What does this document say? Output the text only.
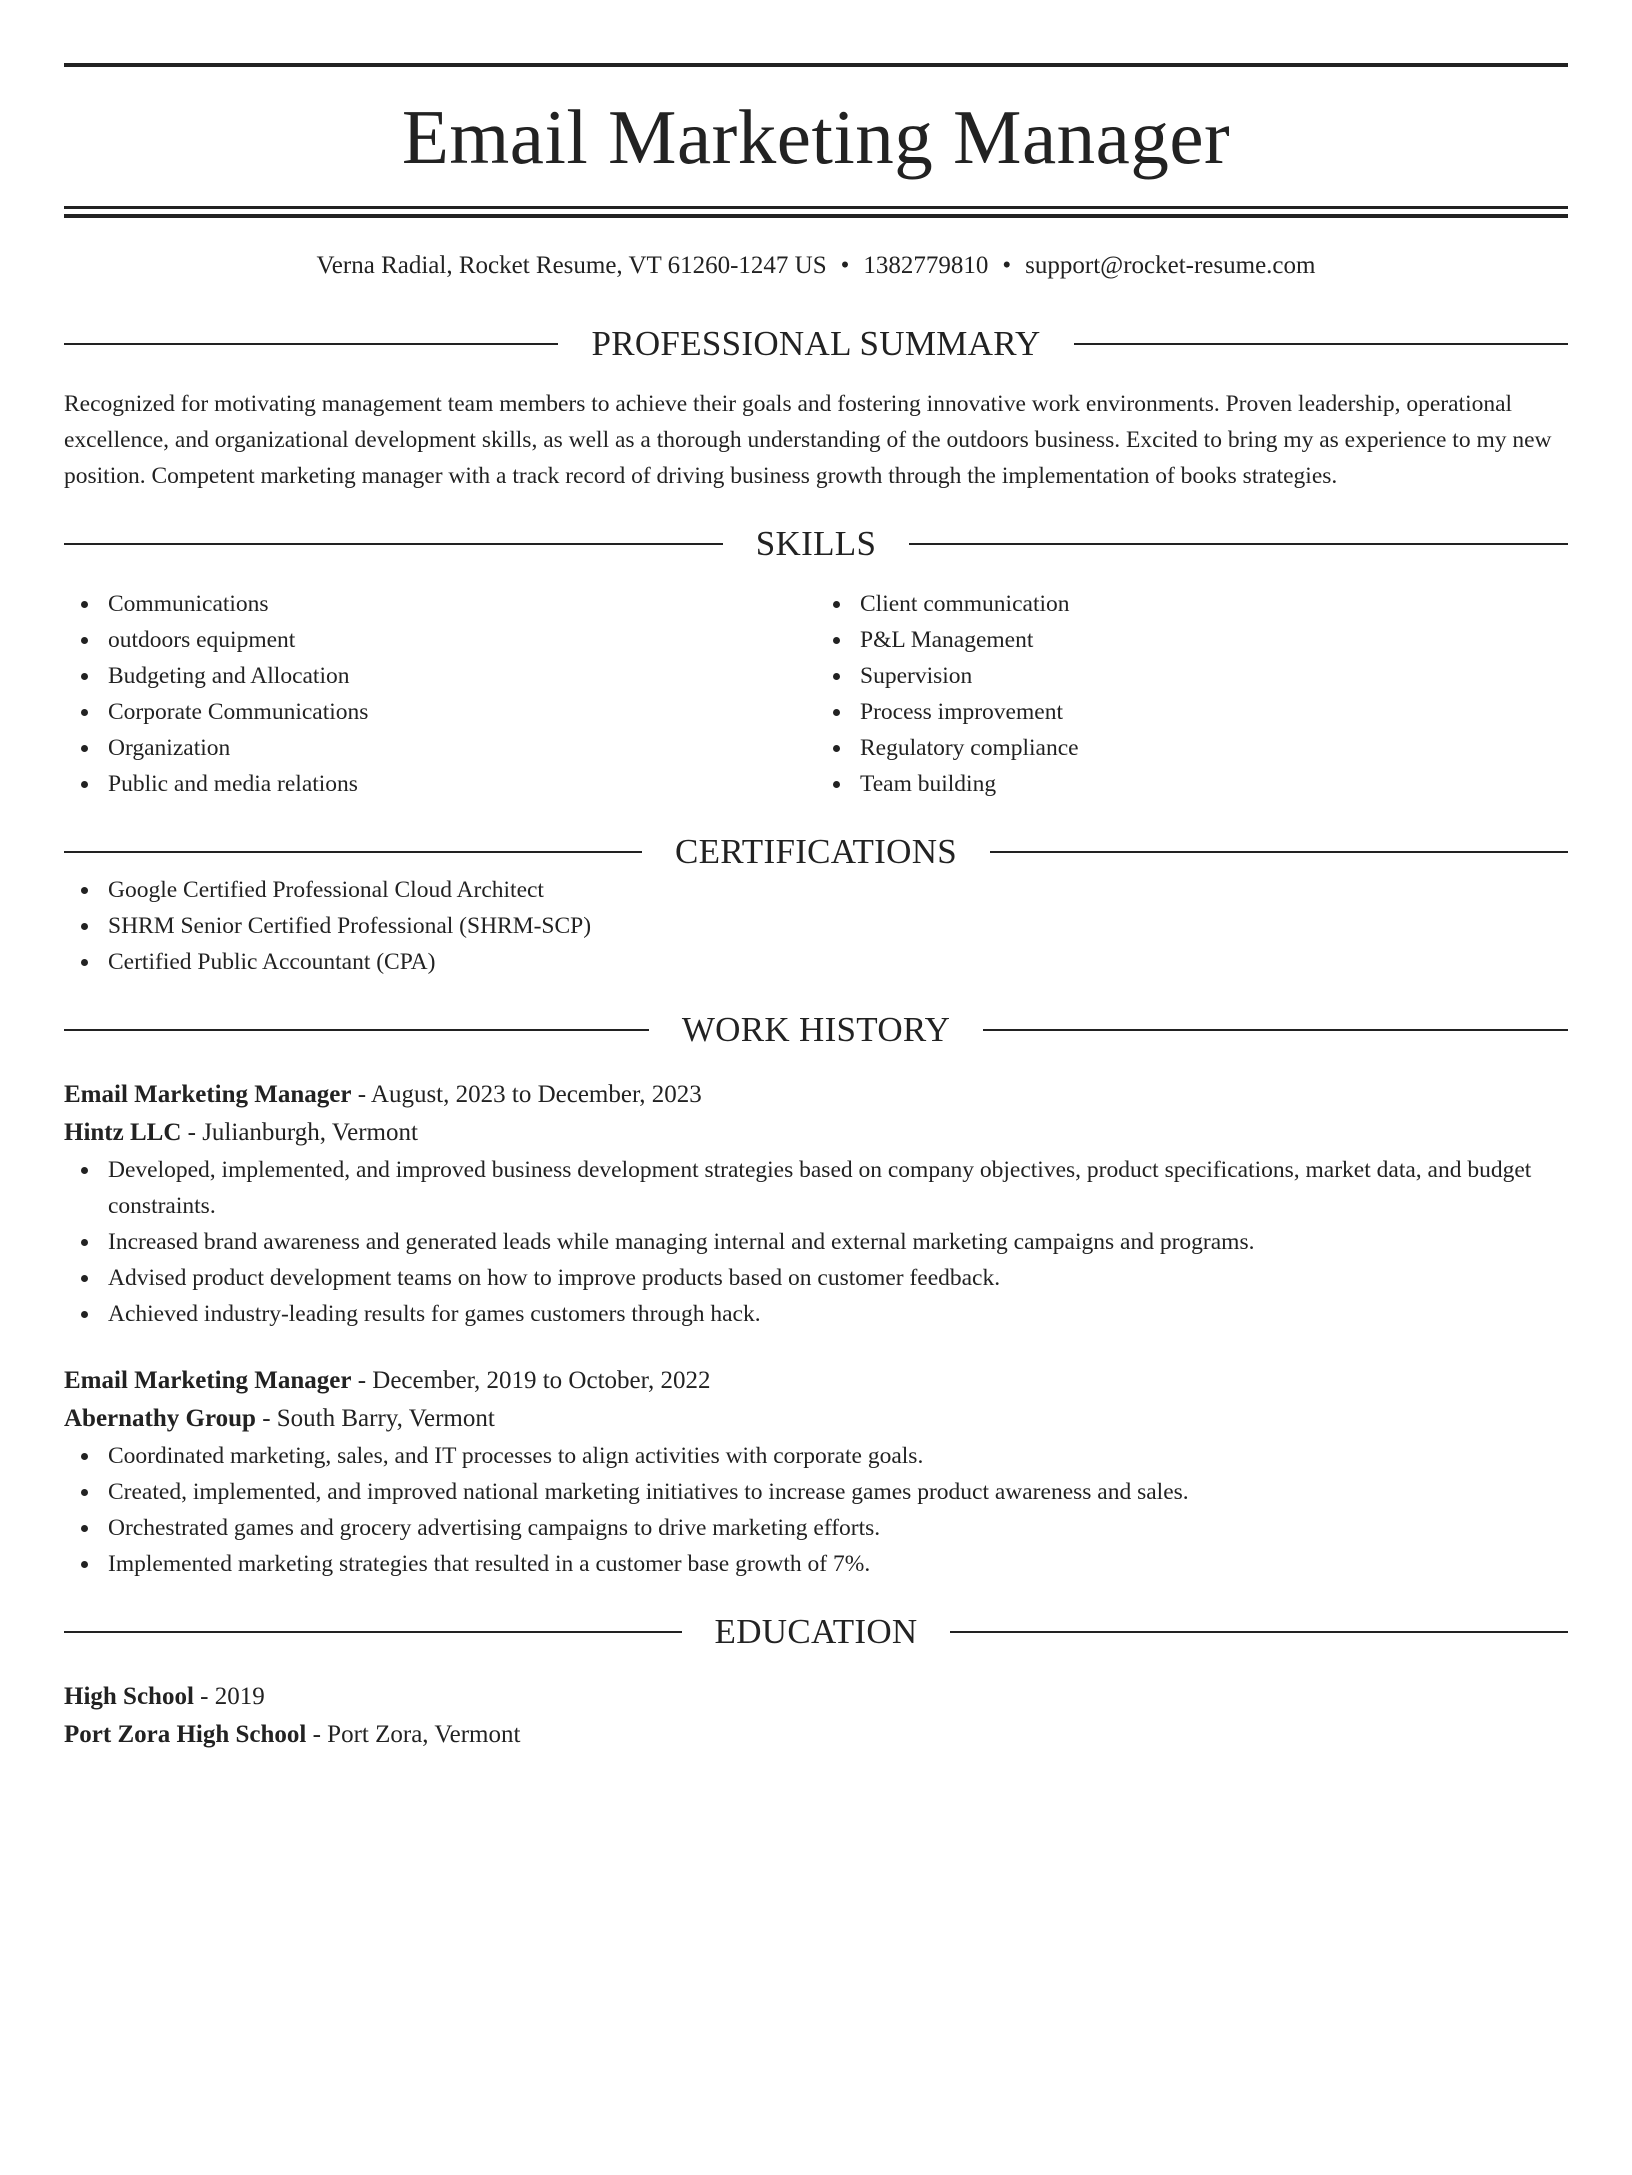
Email Marketing Manager
Verna Radial, Rocket Resume, VT 61260-1247 US • 1382779810 • support@rocket-resume.com
PROFESSIONAL SUMMARY
Recognized for motivating management team members to achieve their goals and fostering innovative work environments. Proven leadership, operational excellence, and organizational development skills, as well as a thorough understanding of the outdoors business. Excited to bring my as experience to my new position. Competent marketing manager with a track record of driving business growth through the implementation of books strategies.
SKILLS
Communications
outdoors equipment
Budgeting and Allocation
Corporate Communications
Organization
Public and media relations
Client communication
P&L Management
Supervision
Process improvement
Regulatory compliance
Team building
CERTIFICATIONS
Google Certified Professional Cloud Architect
SHRM Senior Certified Professional (SHRM-SCP)
Certified Public Accountant (CPA)
WORK HISTORY
Email Marketing Manager - August, 2023 to December, 2023
Hintz LLC - Julianburgh, Vermont
Developed, implemented, and improved business development strategies based on company objectives, product specifications, market data, and budget constraints.
Increased brand awareness and generated leads while managing internal and external marketing campaigns and programs.
Advised product development teams on how to improve products based on customer feedback.
Achieved industry-leading results for games customers through hack.
Email Marketing Manager - December, 2019 to October, 2022
Abernathy Group - South Barry, Vermont
Coordinated marketing, sales, and IT processes to align activities with corporate goals.
Created, implemented, and improved national marketing initiatives to increase games product awareness and sales.
Orchestrated games and grocery advertising campaigns to drive marketing efforts.
Implemented marketing strategies that resulted in a customer base growth of 7%.
EDUCATION
High School - 2019
Port Zora High School - Port Zora, Vermont
